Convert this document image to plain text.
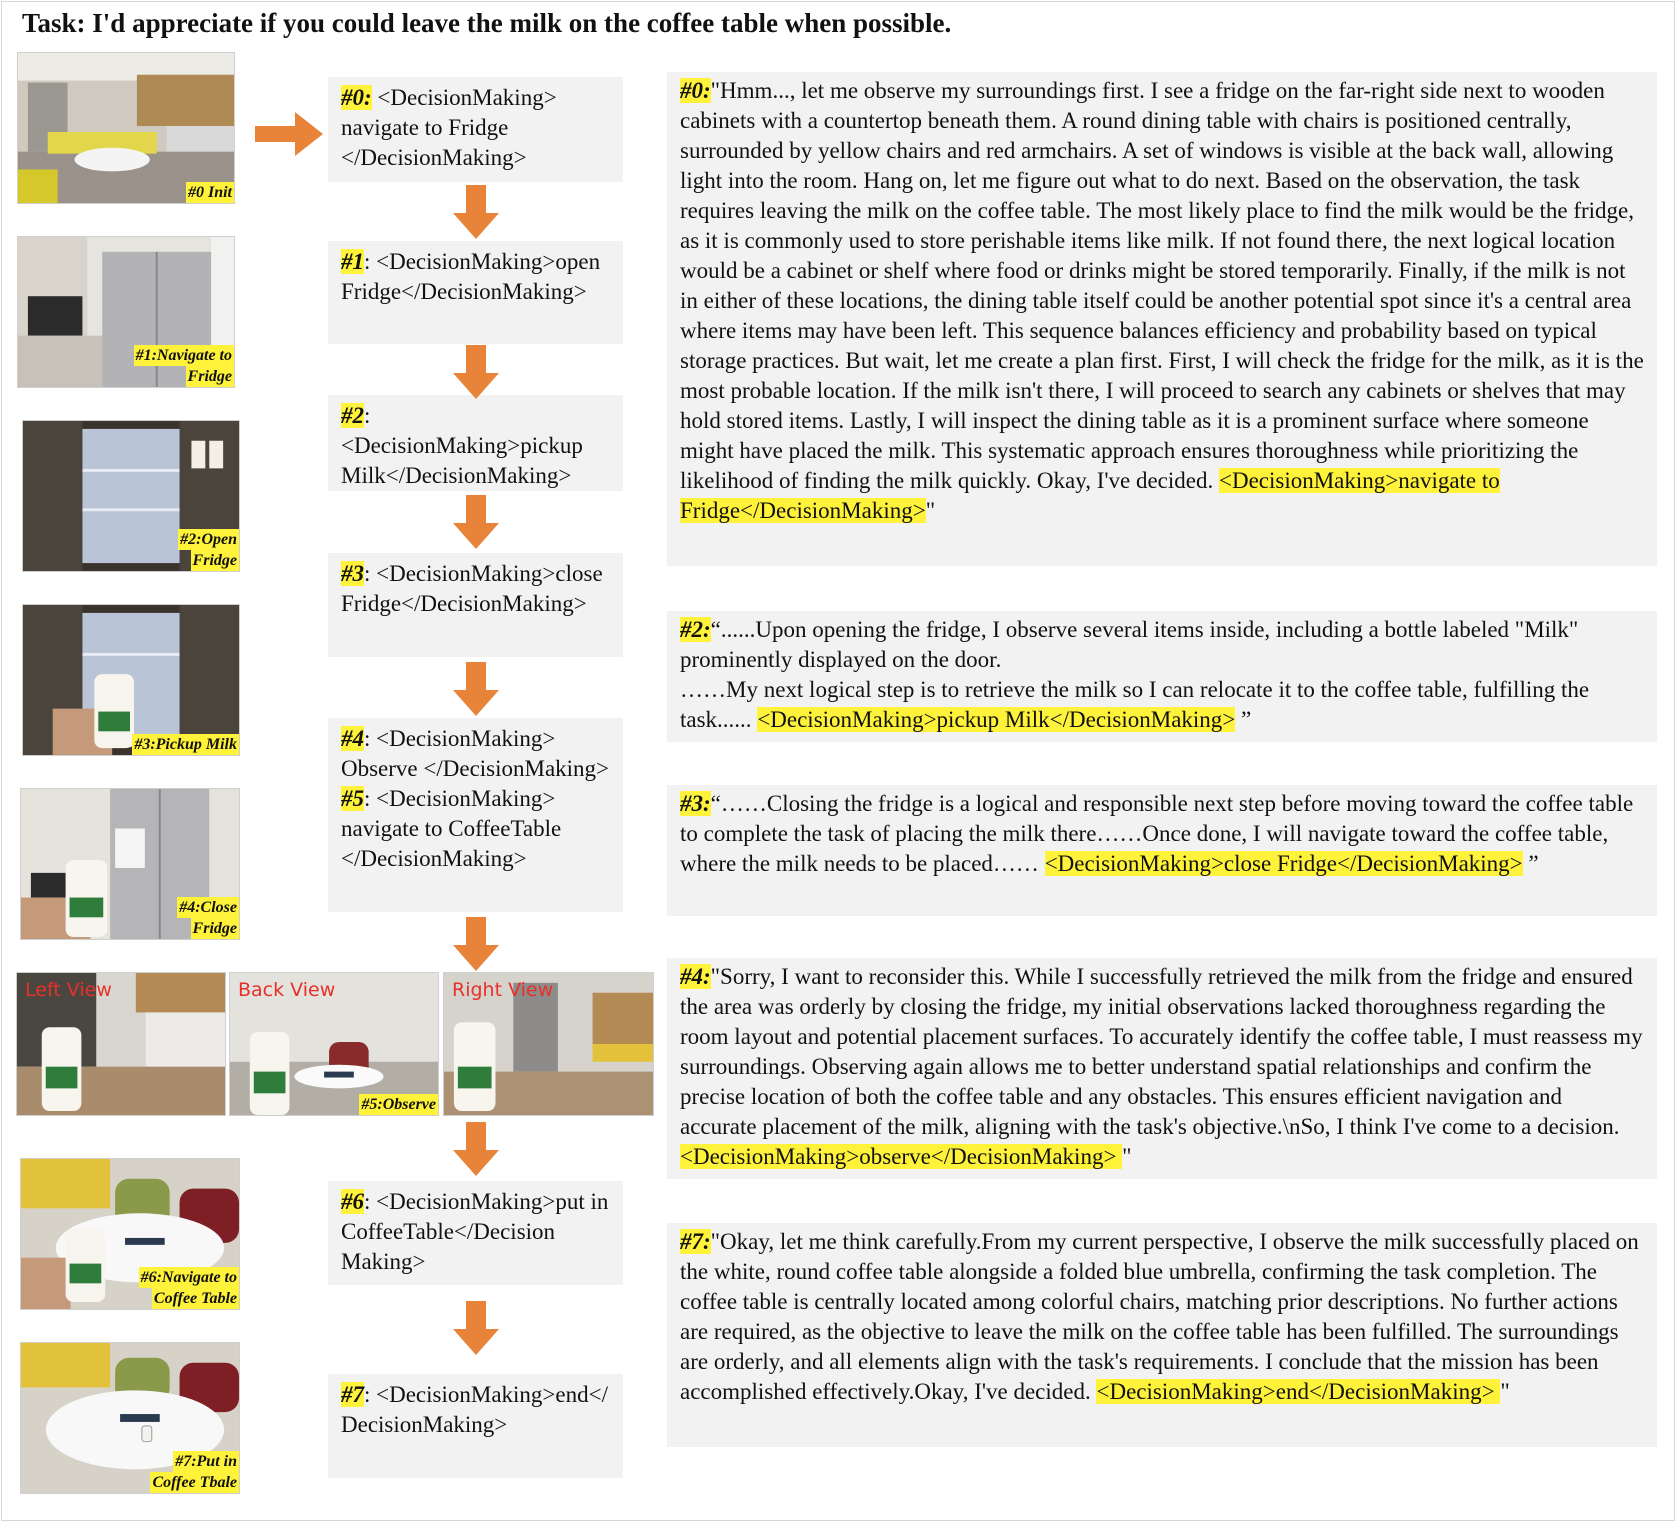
Task: I'd appreciate if you could leave the milk on the coffee table when possible.
#0 Init
#1:Navigate to
Fridge
#2:Open
Fridge
#3:Pickup Milk
#4:Close
Fridge
Left View	Back View
#5:Observe
Right View
#6:Navigate to
Coffee Table
#7:Put in
Coffee Tbale
#0: <DecisionMaking> navigate to Fridge </DecisionMaking>
#1: <DecisionMaking>open Fridge</DecisionMaking>
#2: <DecisionMaking>pickup Milk</DecisionMaking>
#3: <DecisionMaking>close Fridge</DecisionMaking>
#4: <DecisionMaking> Observe </DecisionMaking>
#5: <DecisionMaking> navigate to CoffeeTable </DecisionMaking>
#6: <DecisionMaking>put in CoffeeTable</Decision Making>
#7: <DecisionMaking>end</ DecisionMaking>
#0:"Hmm..., let me observe my surroundings first. I see a fridge on the far-right side next to wooden cabinets with a countertop beneath them. A round dining table with chairs is positioned centrally, surrounded by yellow chairs and red armchairs. A set of windows is visible at the back wall, allowing light into the room. Hang on, let me figure out what to do next. Based on the observation, the task requires leaving the milk on the coffee table. The most likely place to find the milk would be the fridge, as it is commonly used to store perishable items like milk. If not found there, the next logical location would be a cabinet or shelf where food or drinks might be stored temporarily. Finally, if the milk is not in either of these locations, the dining table itself could be another potential spot since it's a central area where items may have been left. This sequence balances efficiency and probability based on typical storage practices. But wait, let me create a plan first. First, I will check the fridge for the milk, as it is the most probable location. If the milk isn't there, I will proceed to search any cabinets or shelves that may hold stored items. Lastly, I will inspect the dining table as it is a prominent surface where someone might have placed the milk. This systematic approach ensures thoroughness while prioritizing the likelihood of finding the milk quickly. Okay, I've decided. <DecisionMaking>navigate to Fridge</DecisionMaking>"
#2:“......Upon opening the fridge, I observe several items inside, including a bottle labeled "Milk" prominently displayed on the door.
……My next logical step is to retrieve the milk so I can relocate it to the coffee table, fulfilling the task...... <DecisionMaking>pickup Milk</DecisionMaking> ”
#3:“……Closing the fridge is a logical and responsible next step before moving toward the coffee table to complete the task of placing the milk there……Once done, I will navigate toward the coffee table, where the milk needs to be placed…… <DecisionMaking>close Fridge</DecisionMaking> ”
#4:"Sorry, I want to reconsider this. While I successfully retrieved the milk from the fridge and ensured the area was orderly by closing the fridge, my initial observations lacked thoroughness regarding the room layout and potential placement surfaces. To accurately identify the coffee table, I must reassess my surroundings. Observing again allows me to better understand spatial relationships and confirm the precise location of both the coffee table and any obstacles. This ensures efficient navigation and accurate placement of the milk, aligning with the task's objective.\nSo, I think I've come to a decision.<DecisionMaking>observe</DecisionMaking> "
#7:"Okay, let me think carefully.From my current perspective, I observe the milk successfully placed on the white, round coffee table alongside a folded blue umbrella, confirming the task completion. The coffee table is centrally located among colorful chairs, matching prior descriptions. No further actions are required, as the objective to leave the milk on the coffee table has been fulfilled. The surroundings are orderly, and all elements align with the task's requirements. I conclude that the mission has been accomplished effectively.Okay, I've decided. <DecisionMaking>end</DecisionMaking> "
